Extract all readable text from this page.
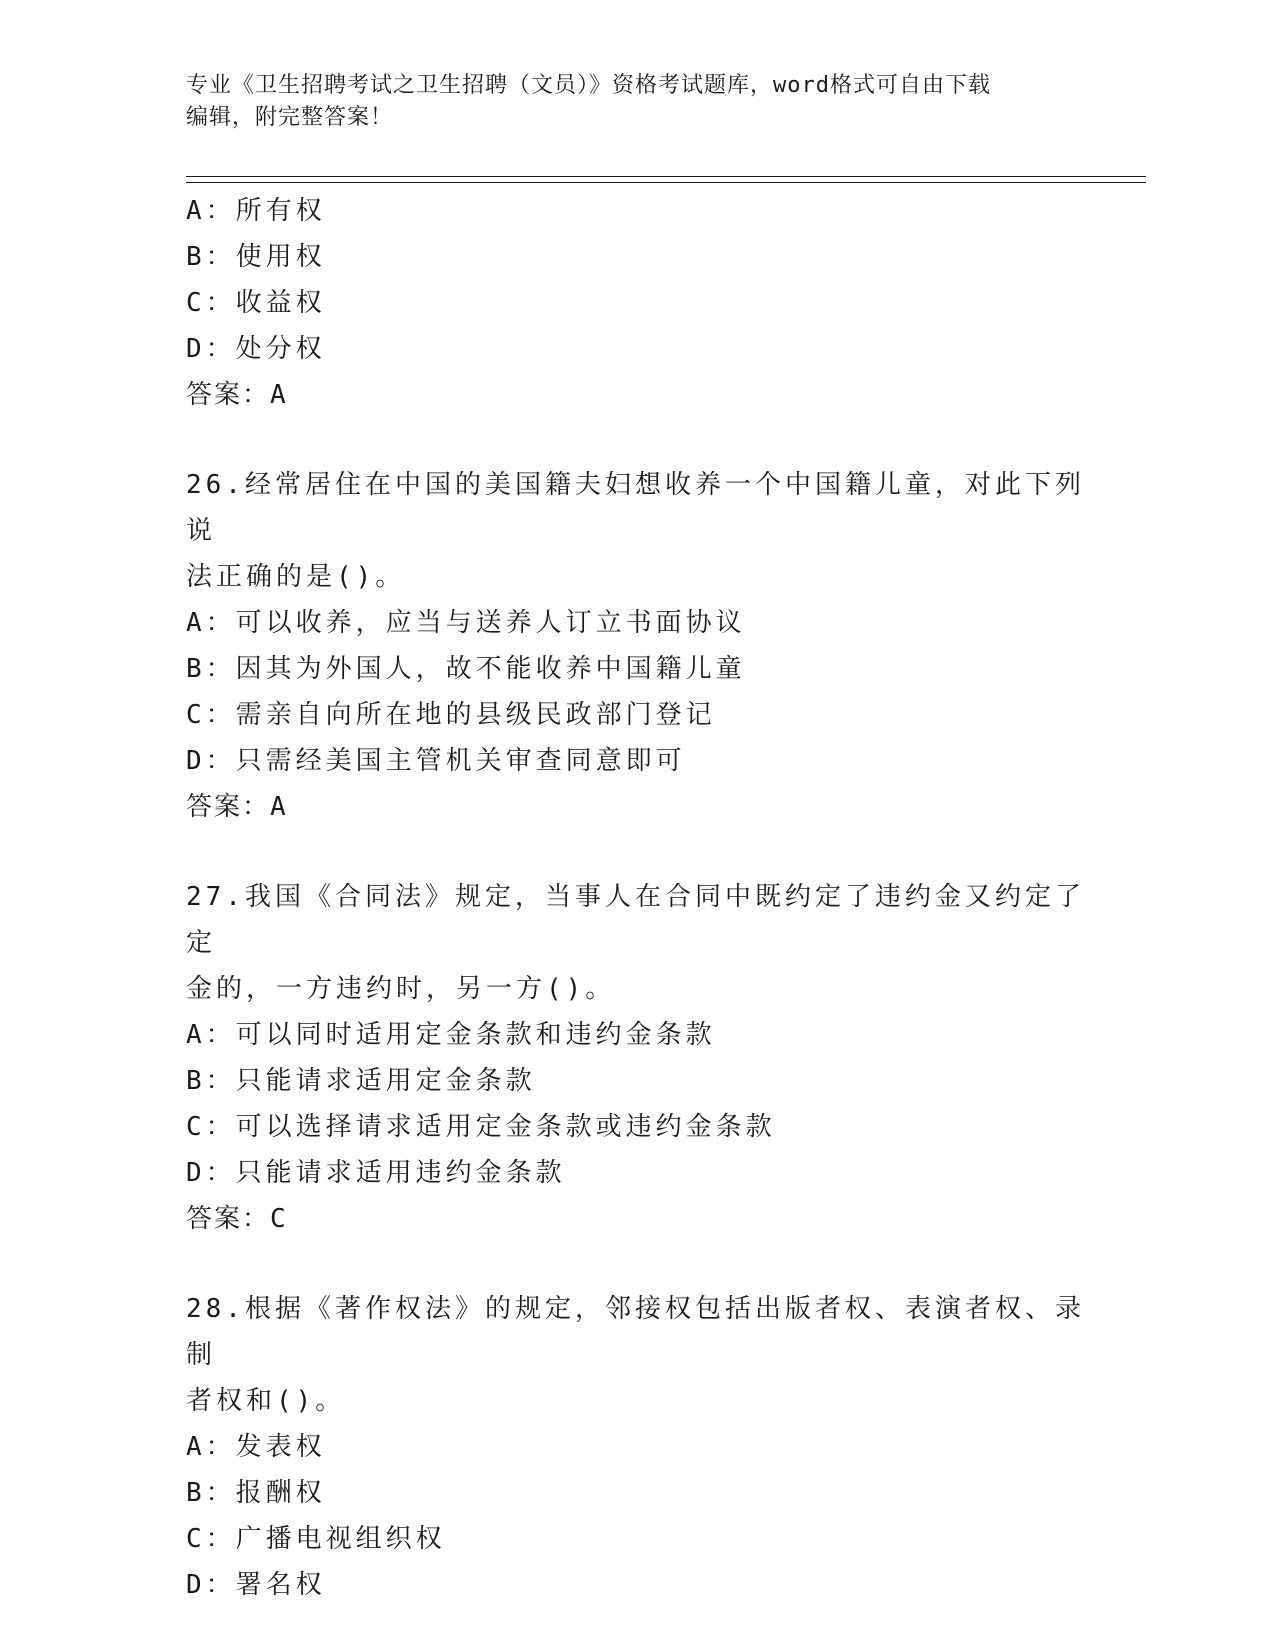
专业《卫生招聘考试之卫生招聘（文员）》资格考试题库，word格式可自由下载
编辑，附完整答案！
A：所有权
B：使用权
C：收益权
D：处分权
答案：A
26.经常居住在中国的美国籍夫妇想收养一个中国籍儿童，对此下列说
法正确的是()。
A：可以收养，应当与送养人订立书面协议
B：因其为外国人，故不能收养中国籍儿童
C：需亲自向所在地的县级民政部门登记
D：只需经美国主管机关审查同意即可
答案：A
27.我国《合同法》规定，当事人在合同中既约定了违约金又约定了定
金的，一方违约时，另一方()。
A：可以同时适用定金条款和违约金条款
B：只能请求适用定金条款
C：可以选择请求适用定金条款或违约金条款
D：只能请求适用违约金条款
答案：C
28.根据《著作权法》的规定，邻接权包括出版者权、表演者权、录制
者权和()。
A：发表权
B：报酬权
C：广播电视组织权
D：署名权
